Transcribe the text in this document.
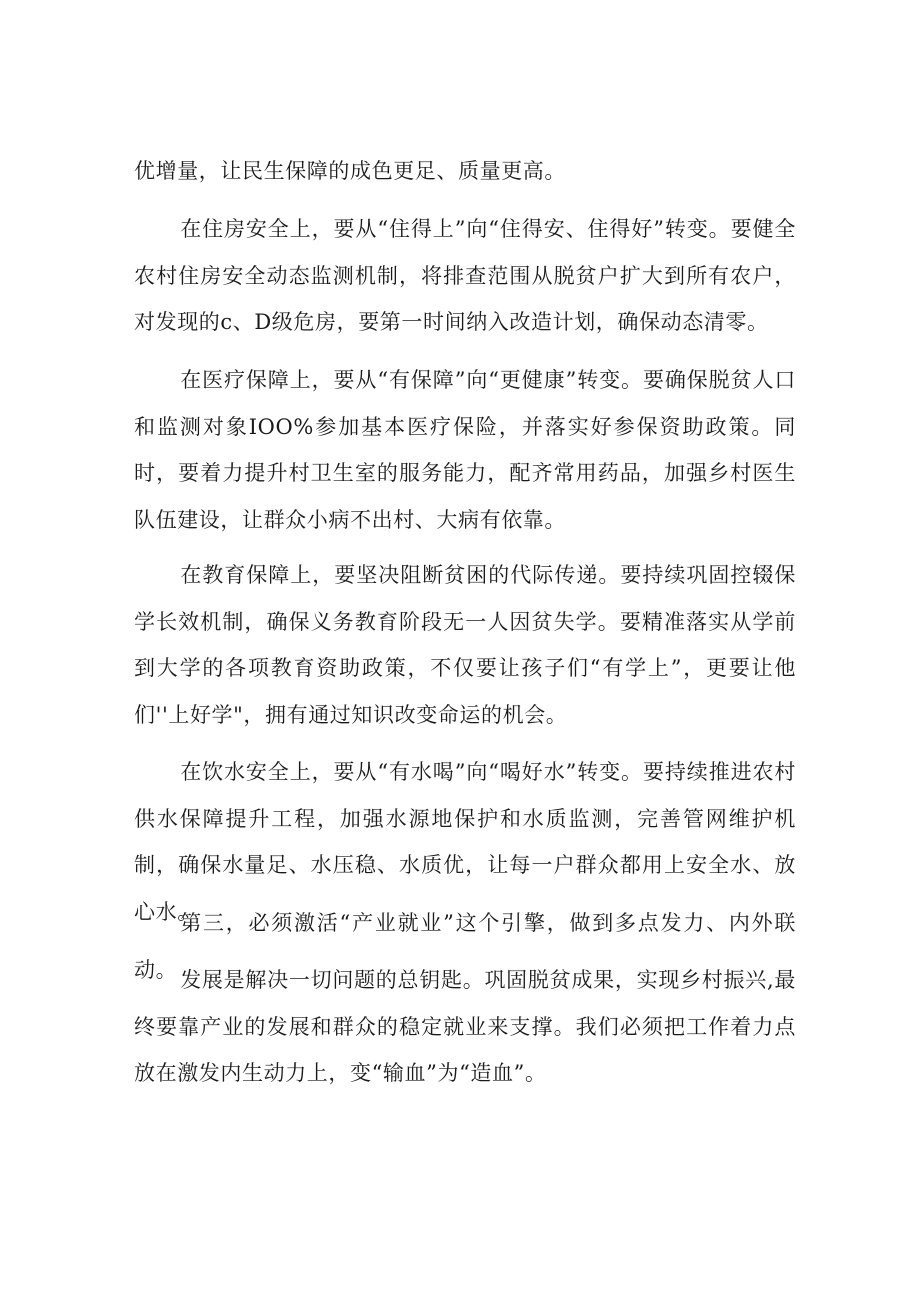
优增量，让民生保障的成色更足、质量更高。

在住房安全上，要从“住得上”向“住得安、住得好”转变。要健全农村住房安全动态监测机制，将排查范围从脱贫户扩大到所有农户，对发现的c、D级危房，要第一时间纳入改造计划，确保动态清零。

在医疗保障上，要从“有保障”向“更健康”转变。要确保脱贫人口和监测对象IOO%参加基本医疗保险，并落实好参保资助政策。同时，要着力提升村卫生室的服务能力，配齐常用药品，加强乡村医生队伍建设，让群众小病不出村、大病有依靠。

在教育保障上，要坚决阻断贫困的代际传递。要持续巩固控辍保学长效机制，确保义务教育阶段无一人因贫失学。要精准落实从学前到大学的各项教育资助政策，不仅要让孩子们“有学上”，更要让他们''上好学"，拥有通过知识改变命运的机会。

在饮水安全上，要从“有水喝”向“喝好水”转变。要持续推进农村供水保障提升工程，加强水源地保护和水质监测，完善管网维护机制，确保水量足、水压稳、水质优，让每一户群众都用上安全水、放心水。

第三，必须激活“产业就业”这个引擎，做到多点发力、内外联动。 发展是解决一切问题的总钥匙。巩固脱贫成果，实现乡村振兴,最终要靠产业的发展和群众的稳定就业来支撑。我们必须把工作着力点放在激发内生动力上，变“输血”为“造血”。
